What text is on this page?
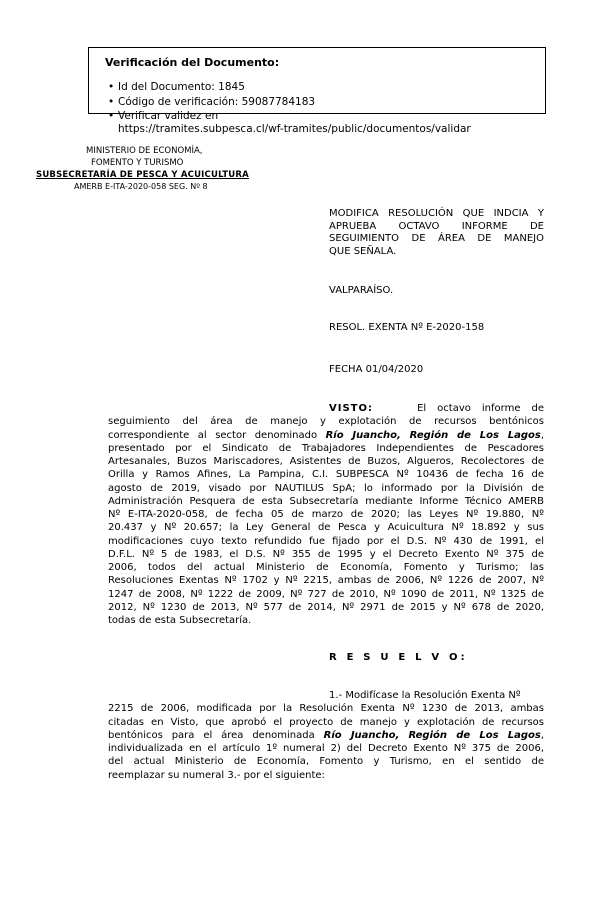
Verificación del Documento:
• Id del Documento: 1845
• Código de verificación: 59087784183
• Verificar validez en
https://tramites.subpesca.cl/wf-tramites/public/documentos/validar
MINISTERIO DE ECONOMÍA,
FOMENTO Y TURISMO
SUBSECRETARÍA DE PESCA Y ACUICULTURA
AMERB E-ITA-2020-058 SEG. Nº 8
MODIFICA RESOLUCIÓN QUE INDCIA Y
APRUEBA OCTAVO INFORME DE
SEGUIMIENTO DE ÁREA DE MANEJO
QUE SEÑALA.
VALPARAÍSO.
RESOL. EXENTA Nº E-2020-158
FECHA 01/04/2020
VISTO:	El octavo informe de
seguimiento del área de manejo y explotación de recursos bentónicos
correspondiente al sector denominado Río Juancho, Región de Los Lagos,
presentado por el Sindicato de Trabajadores Independientes de Pescadores
Artesanales, Buzos Mariscadores, Asistentes de Buzos, Algueros, Recolectores de
Orilla y Ramos Afines, La Pampina, C.I. SUBPESCA Nº 10436 de fecha 16 de
agosto de 2019, visado por NAUTILUS SpA; lo informado por la División de
Administración Pesquera de esta Subsecretaría mediante Informe Técnico AMERB
Nº E-ITA-2020-058, de fecha 05 de marzo de 2020; las Leyes Nº 19.880, Nº
20.437 y Nº 20.657; la Ley General de Pesca y Acuicultura Nº 18.892 y sus
modificaciones cuyo texto refundido fue fijado por el D.S. Nº 430 de 1991, el
D.F.L. Nº 5 de 1983, el D.S. Nº 355 de 1995 y el Decreto Exento Nº 375 de
2006, todos del actual Ministerio de Economía, Fomento y Turismo; las
Resoluciones Exentas Nº 1702 y Nº 2215, ambas de 2006, Nº 1226 de 2007, Nº
1247 de 2008, Nº 1222 de 2009, Nº 727 de 2010, Nº 1090 de 2011, Nº 1325 de
2012, Nº 1230 de 2013, Nº 577 de 2014, Nº 2971 de 2015 y Nº 678 de 2020,
todas de esta Subsecretaría.
R E S U E L V O:
1.- Modifícase la Resolución Exenta Nº
2215 de 2006, modificada por la Resolución Exenta Nº 1230 de 2013, ambas
citadas en Visto, que aprobó el proyecto de manejo y explotación de recursos
bentónicos para el área denominada Río Juancho, Región de Los Lagos,
individualizada en el artículo 1º numeral 2) del Decreto Exento Nº 375 de 2006,
del actual Ministerio de Economía, Fomento y Turismo, en el sentido de
reemplazar su numeral 3.- por el siguiente:
